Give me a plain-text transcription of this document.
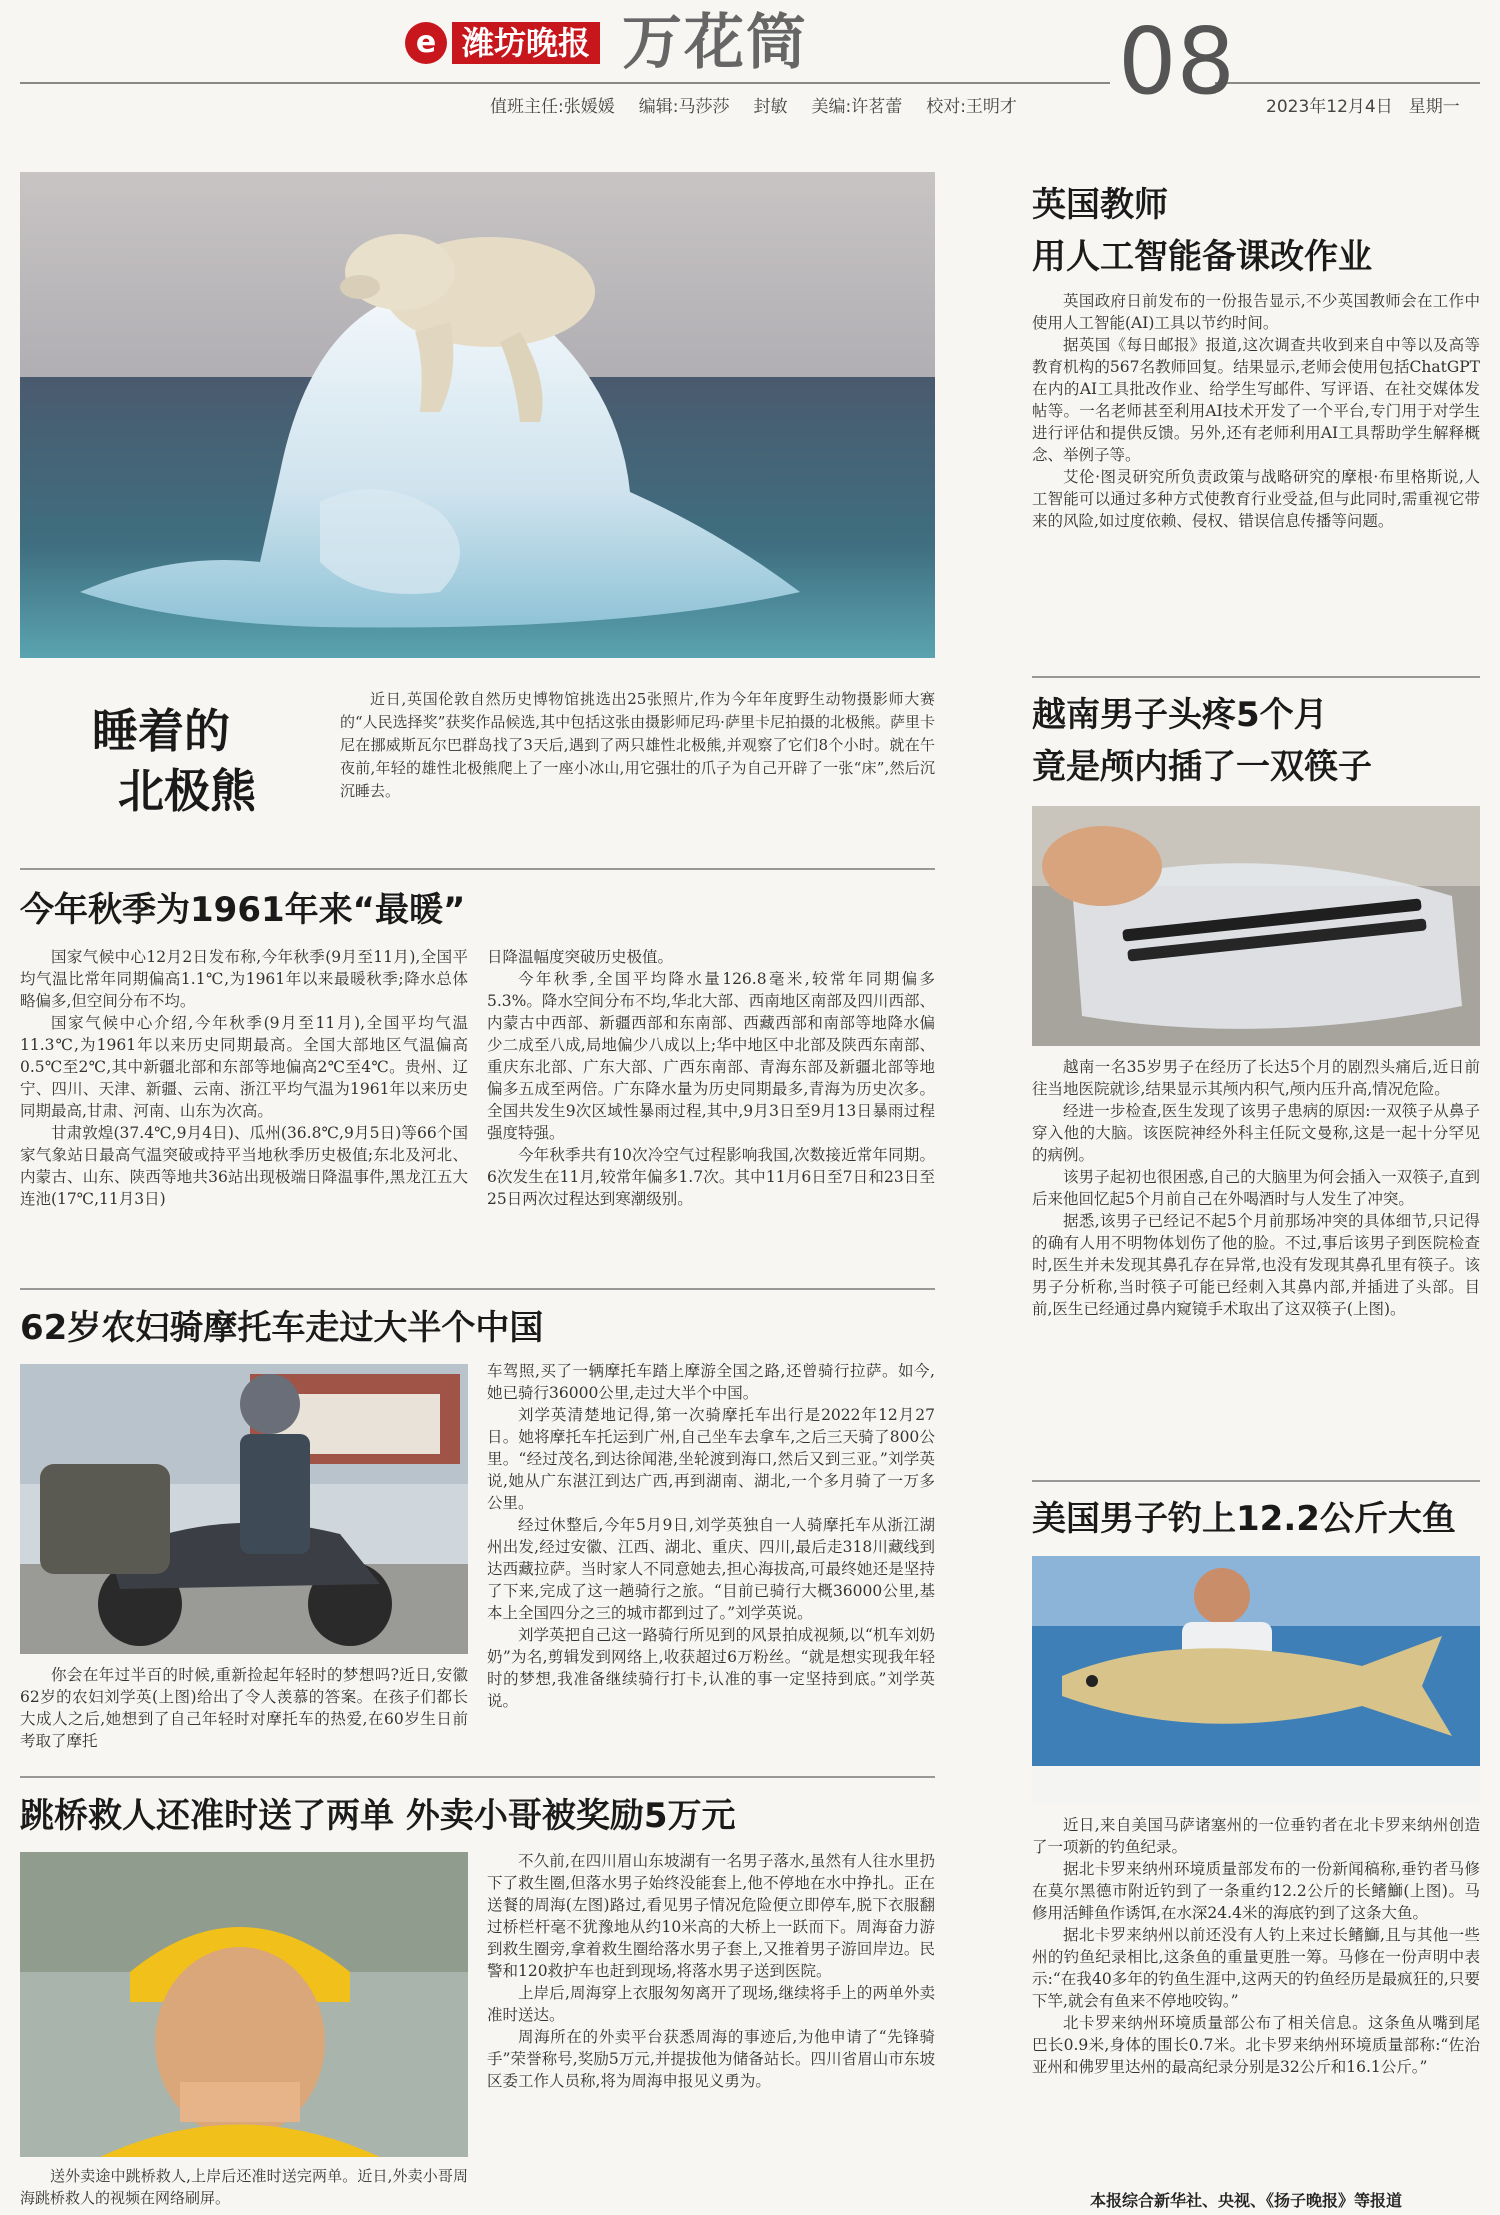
e 潍坊晚报 万花筒
值班主任:张媛媛 编辑:马莎莎 封敏 美编:许茗蕾 校对:王明才 08 2023年12月4日 星期一
睡着的
北极熊

近日,英国伦敦自然历史博物馆挑选出25张照片,作为今年年度野生动物摄影师大赛的“人民选择奖”获奖作品候选,其中包括这张由摄影师尼玛·萨里卡尼拍摄的北极熊。萨里卡尼在挪威斯瓦尔巴群岛找了3天后,遇到了两只雄性北极熊,并观察了它们8个小时。就在午夜前,年轻的雄性北极熊爬上了一座小冰山,用它强壮的爪子为自己开辟了一张“床”,然后沉沉睡去。

今年秋季为1961年来“最暖”

国家气候中心12月2日发布称,今年秋季(9月至11月),全国平均气温比常年同期偏高1.1℃,为1961年以来最暖秋季;降水总体略偏多,但空间分布不均。

国家气候中心介绍,今年秋季(9月至11月),全国平均气温11.3℃,为1961年以来历史同期最高。全国大部地区气温偏高0.5℃至2℃,其中新疆北部和东部等地偏高2℃至4℃。贵州、辽宁、四川、天津、新疆、云南、浙江平均气温为1961年以来历史同期最高,甘肃、河南、山东为次高。

甘肃敦煌(37.4℃,9月4日)、瓜州(36.8℃,9月5日)等66个国家气象站日最高气温突破或持平当地秋季历史极值;东北及河北、内蒙古、山东、陕西等地共36站出现极端日降温事件,黑龙江五大连池(17℃,11月3日)

日降温幅度突破历史极值。

今年秋季,全国平均降水量126.8毫米,较常年同期偏多5.3%。降水空间分布不均,华北大部、西南地区南部及四川西部、内蒙古中西部、新疆西部和东南部、西藏西部和南部等地降水偏少二成至八成,局地偏少八成以上;华中地区中北部及陕西东南部、重庆东北部、广东大部、广西东南部、青海东部及新疆北部等地偏多五成至两倍。广东降水量为历史同期最多,青海为历史次多。全国共发生9次区域性暴雨过程,其中,9月3日至9月13日暴雨过程强度特强。

今年秋季共有10次冷空气过程影响我国,次数接近常年同期。6次发生在11月,较常年偏多1.7次。其中11月6日至7日和23日至25日两次过程达到寒潮级别。

62岁农妇骑摩托车走过大半个中国

你会在年过半百的时候,重新捡起年轻时的梦想吗?近日,安徽62岁的农妇刘学英(上图)给出了令人羡慕的答案。在孩子们都长大成人之后,她想到了自己年轻时对摩托车的热爱,在60岁生日前考取了摩托

车驾照,买了一辆摩托车踏上摩游全国之路,还曾骑行拉萨。如今,她已骑行36000公里,走过大半个中国。

刘学英清楚地记得,第一次骑摩托车出行是2022年12月27日。她将摩托车托运到广州,自己坐车去拿车,之后三天骑了800公里。“经过茂名,到达徐闻港,坐轮渡到海口,然后又到三亚。”刘学英说,她从广东湛江到达广西,再到湖南、湖北,一个多月骑了一万多公里。

经过休整后,今年5月9日,刘学英独自一人骑摩托车从浙江湖州出发,经过安徽、江西、湖北、重庆、四川,最后走318川藏线到达西藏拉萨。当时家人不同意她去,担心海拔高,可最终她还是坚持了下来,完成了这一趟骑行之旅。“目前已骑行大概36000公里,基本上全国四分之三的城市都到过了。”刘学英说。

刘学英把自己这一路骑行所见到的风景拍成视频,以“机车刘奶奶”为名,剪辑发到网络上,收获超过6万粉丝。“就是想实现我年轻时的梦想,我准备继续骑行打卡,认准的事一定坚持到底。”刘学英说。

跳桥救人还准时送了两单 外卖小哥被奖励5万元

送外卖途中跳桥救人,上岸后还准时送完两单。近日,外卖小哥周海跳桥救人的视频在网络刷屏。

不久前,在四川眉山东坡湖有一名男子落水,虽然有人往水里扔下了救生圈,但落水男子始终没能套上,他不停地在水中挣扎。正在送餐的周海(左图)路过,看见男子情况危险便立即停车,脱下衣服翻过桥栏杆毫不犹豫地从约10米高的大桥上一跃而下。周海奋力游到救生圈旁,拿着救生圈给落水男子套上,又推着男子游回岸边。民警和120救护车也赶到现场,将落水男子送到医院。

上岸后,周海穿上衣服匆匆离开了现场,继续将手上的两单外卖准时送达。

周海所在的外卖平台获悉周海的事迹后,为他申请了“先锋骑手”荣誉称号,奖励5万元,并提拔他为储备站长。四川省眉山市东坡区委工作人员称,将为周海申报见义勇为。

英国教师
用人工智能备课改作业

英国政府日前发布的一份报告显示,不少英国教师会在工作中使用人工智能(AI)工具以节约时间。

据英国《每日邮报》报道,这次调查共收到来自中等以及高等教育机构的567名教师回复。结果显示,老师会使用包括ChatGPT在内的AI工具批改作业、给学生写邮件、写评语、在社交媒体发帖等。一名老师甚至利用AI技术开发了一个平台,专门用于对学生进行评估和提供反馈。另外,还有老师利用AI工具帮助学生解释概念、举例子等。

艾伦·图灵研究所负责政策与战略研究的摩根·布里格斯说,人工智能可以通过多种方式使教育行业受益,但与此同时,需重视它带来的风险,如过度依赖、侵权、错误信息传播等问题。

越南男子头疼5个月
竟是颅内插了一双筷子

越南一名35岁男子在经历了长达5个月的剧烈头痛后,近日前往当地医院就诊,结果显示其颅内积气,颅内压升高,情况危险。

经进一步检查,医生发现了该男子患病的原因:一双筷子从鼻子穿入他的大脑。该医院神经外科主任阮文曼称,这是一起十分罕见的病例。

该男子起初也很困惑,自己的大脑里为何会插入一双筷子,直到后来他回忆起5个月前自己在外喝酒时与人发生了冲突。

据悉,该男子已经记不起5个月前那场冲突的具体细节,只记得的确有人用不明物体划伤了他的脸。不过,事后该男子到医院检查时,医生并未发现其鼻孔存在异常,也没有发现其鼻孔里有筷子。该男子分析称,当时筷子可能已经刺入其鼻内部,并插进了头部。目前,医生已经通过鼻内窥镜手术取出了这双筷子(上图)。

美国男子钓上12.2公斤大鱼

近日,来自美国马萨诸塞州的一位垂钓者在北卡罗来纳州创造了一项新的钓鱼纪录。

据北卡罗来纳州环境质量部发布的一份新闻稿称,垂钓者马修在莫尔黑德市附近钓到了一条重约12.2公斤的长鳍鰤(上图)。马修用活鲱鱼作诱饵,在水深24.4米的海底钓到了这条大鱼。

据北卡罗来纳州以前还没有人钓上来过长鳍鰤,且与其他一些州的钓鱼纪录相比,这条鱼的重量更胜一筹。马修在一份声明中表示:“在我40多年的钓鱼生涯中,这两天的钓鱼经历是最疯狂的,只要下竿,就会有鱼来不停地咬钩。”

北卡罗来纳州环境质量部公布了相关信息。这条鱼从嘴到尾巴长0.9米,身体的围长0.7米。北卡罗来纳州环境质量部称:“佐治亚州和佛罗里达州的最高纪录分别是32公斤和16.1公斤。”

本报综合新华社、央视、《扬子晚报》等报道
